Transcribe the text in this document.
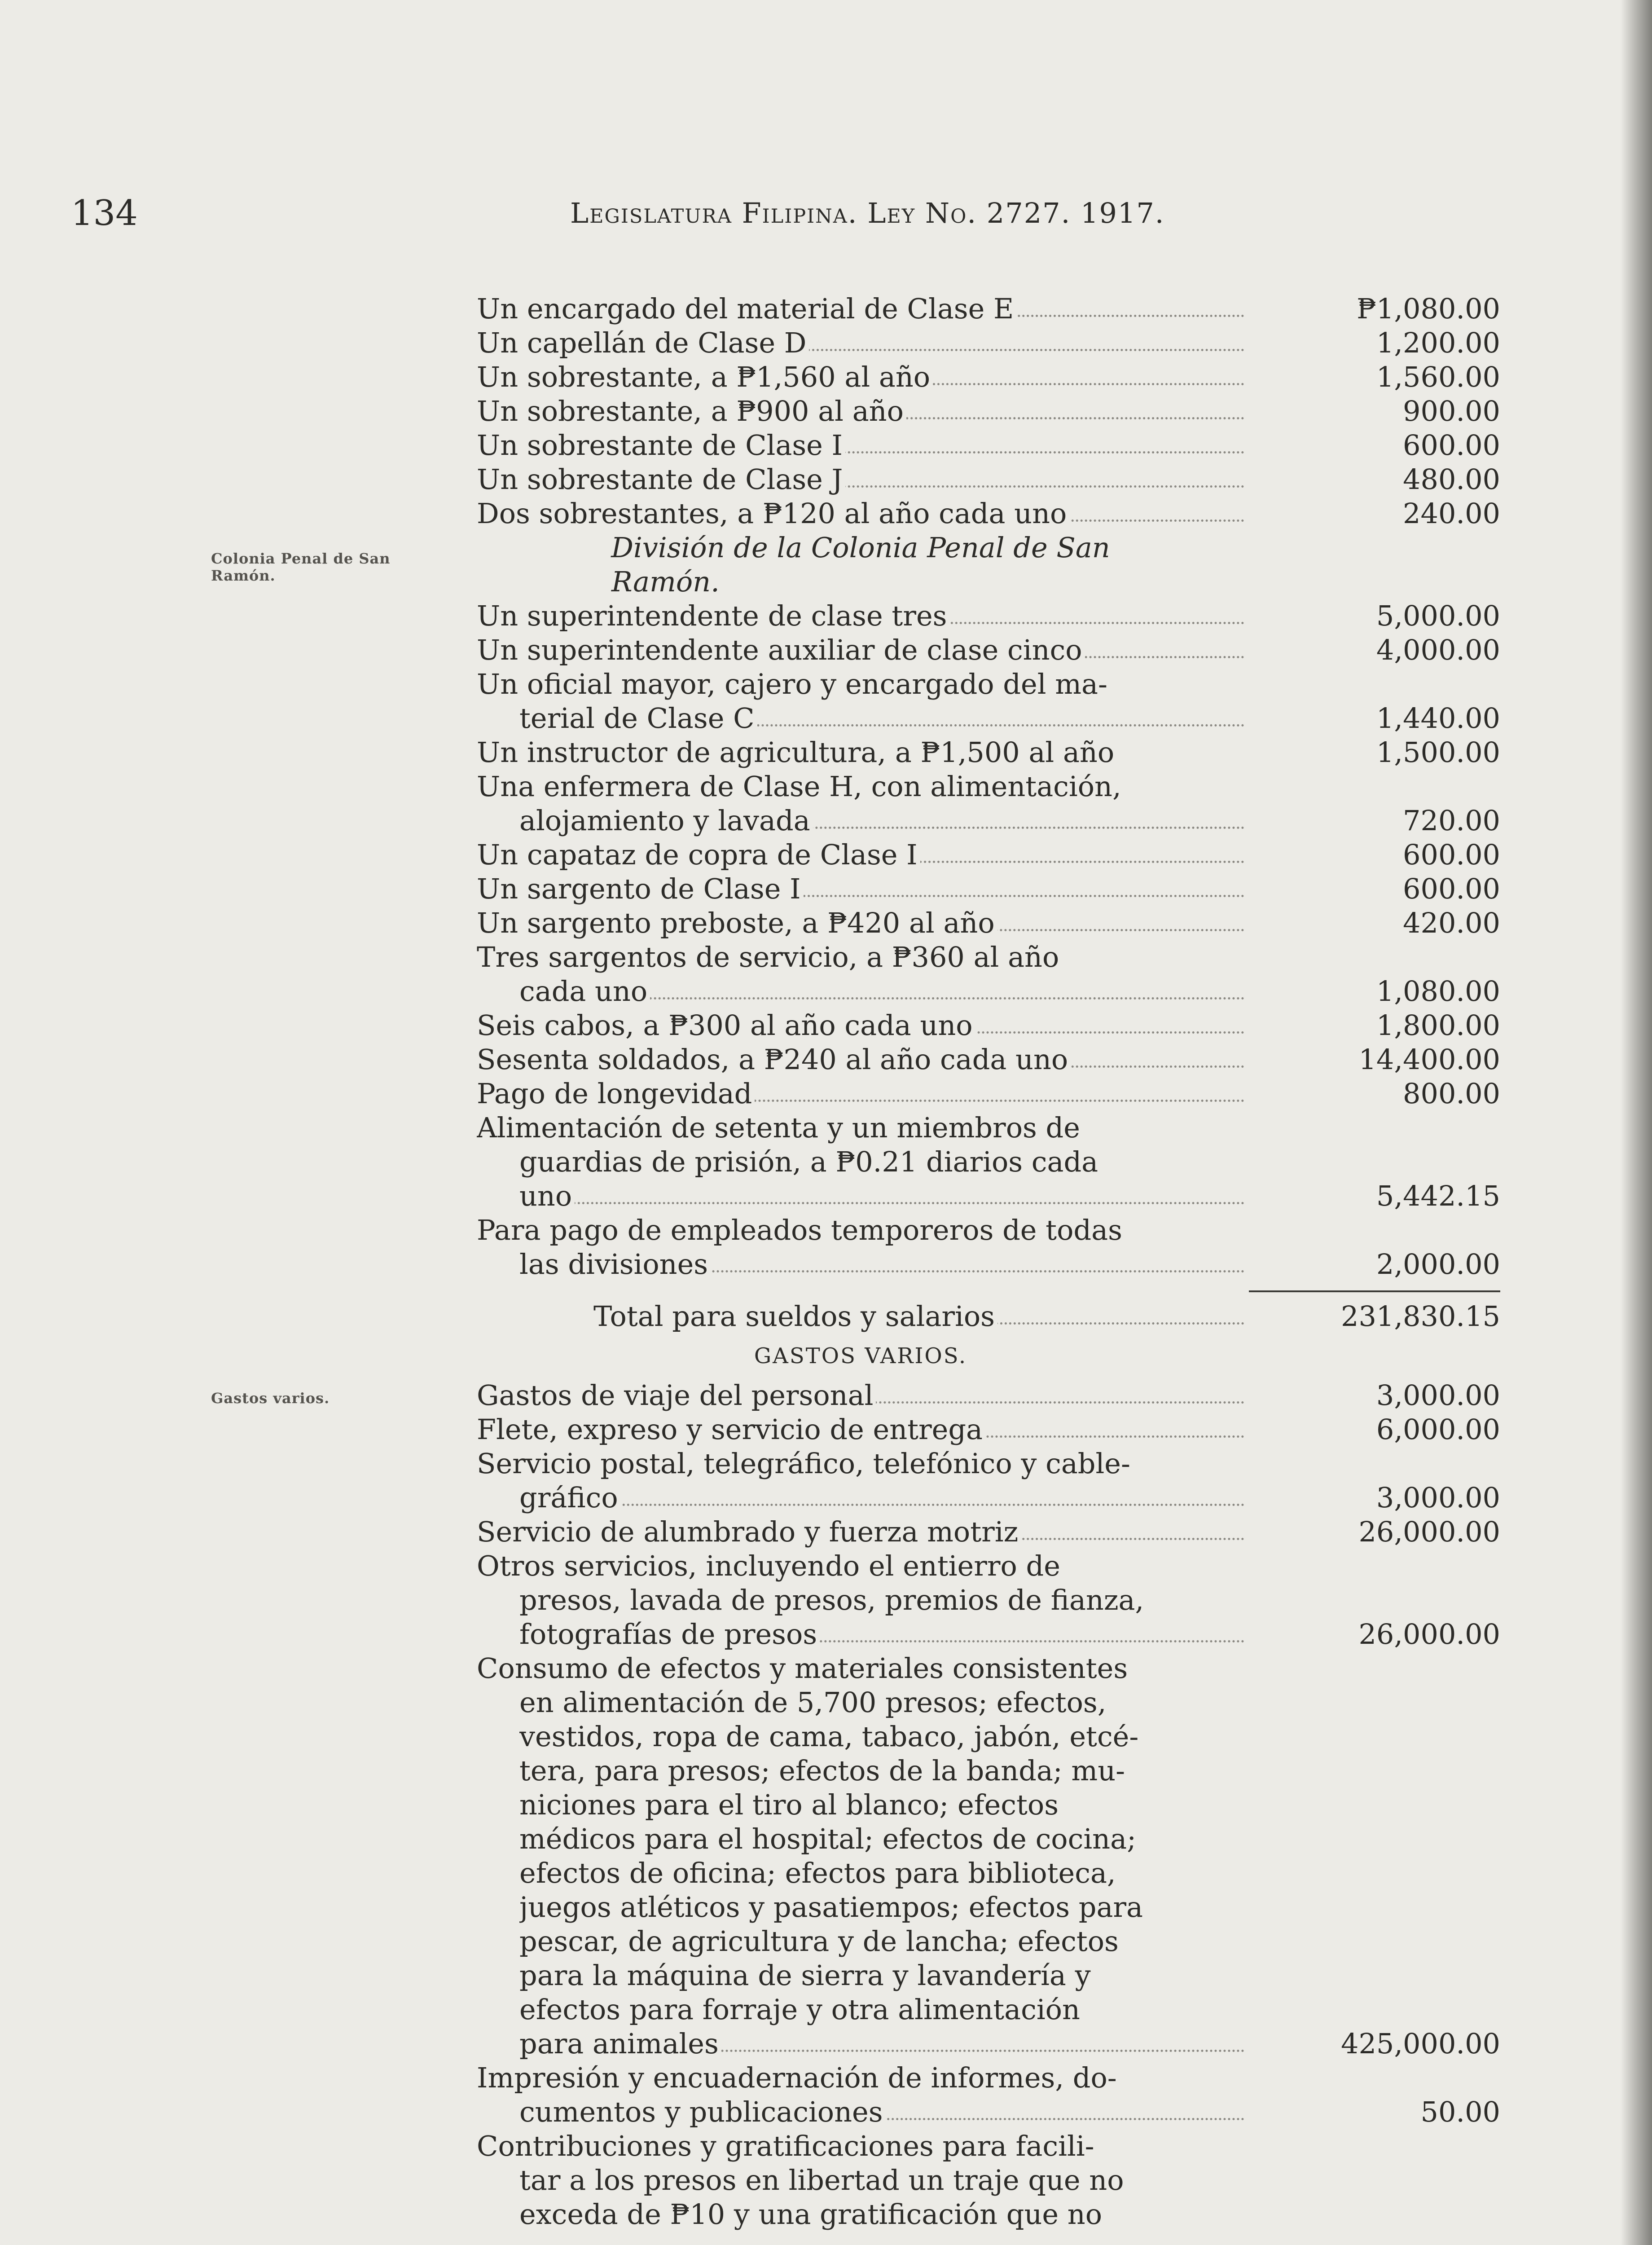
134	Legislatura Filipina. Ley No. 2727. 1917.
Colonia Penal de San Ramón.
Gastos varios.
Un encargado del material de Clase E	₱1,080.00
Un capellán de Clase D	1,200.00
Un sobrestante, a ₱1,560 al año	1,560.00
Un sobrestante, a ₱900 al año	900.00
Un sobrestante de Clase I	600.00
Un sobrestante de Clase J	480.00
Dos sobrestantes, a ₱120 al año cada uno	240.00
División de la Colonia Penal de San
Ramón.
Un superintendente de clase tres	5,000.00
Un superintendente auxiliar de clase cinco	4,000.00
Un oficial mayor, cajero y encargado del ma-
terial de Clase C	1,440.00
Un instructor de agricultura, a ₱1,500 al año	1,500.00
Una enfermera de Clase H, con alimentación,
alojamiento y lavada	720.00
Un capataz de copra de Clase I	600.00
Un sargento de Clase I	600.00
Un sargento preboste, a ₱420 al año	420.00
Tres sargentos de servicio, a ₱360 al año
cada uno	1,080.00
Seis cabos, a ₱300 al año cada uno	1,800.00
Sesenta soldados, a ₱240 al año cada uno	14,400.00
Pago de longevidad	800.00
Alimentación de setenta y un miembros de
guardias de prisión, a ₱0.21 diarios cada
uno	5,442.15
Para pago de empleados temporeros de todas
las divisiones	2,000.00
Total para sueldos y salarios	231,830.15
GASTOS VARIOS.
Gastos de viaje del personal	3,000.00
Flete, expreso y servicio de entrega	6,000.00
Servicio postal, telegráfico, telefónico y cable-
gráfico	3,000.00
Servicio de alumbrado y fuerza motriz	26,000.00
Otros servicios, incluyendo el entierro de
presos, lavada de presos, premios de fianza,
fotografías de presos	26,000.00
Consumo de efectos y materiales consistentes
en alimentación de 5,700 presos; efectos,
vestidos, ropa de cama, tabaco, jabón, etcé-
tera, para presos; efectos de la banda; mu-
niciones para el tiro al blanco; efectos
médicos para el hospital; efectos de cocina;
efectos de oficina; efectos para biblioteca,
juegos atléticos y pasatiempos; efectos para
pescar, de agricultura y de lancha; efectos
para la máquina de sierra y lavandería y
efectos para forraje y otra alimentación
para animales	425,000.00
Impresión y encuadernación de informes, do-
cumentos y publicaciones	50.00
Contribuciones y gratificaciones para facili-
tar a los presos en libertad un traje que no
exceda de ₱10 y una gratificación que no
